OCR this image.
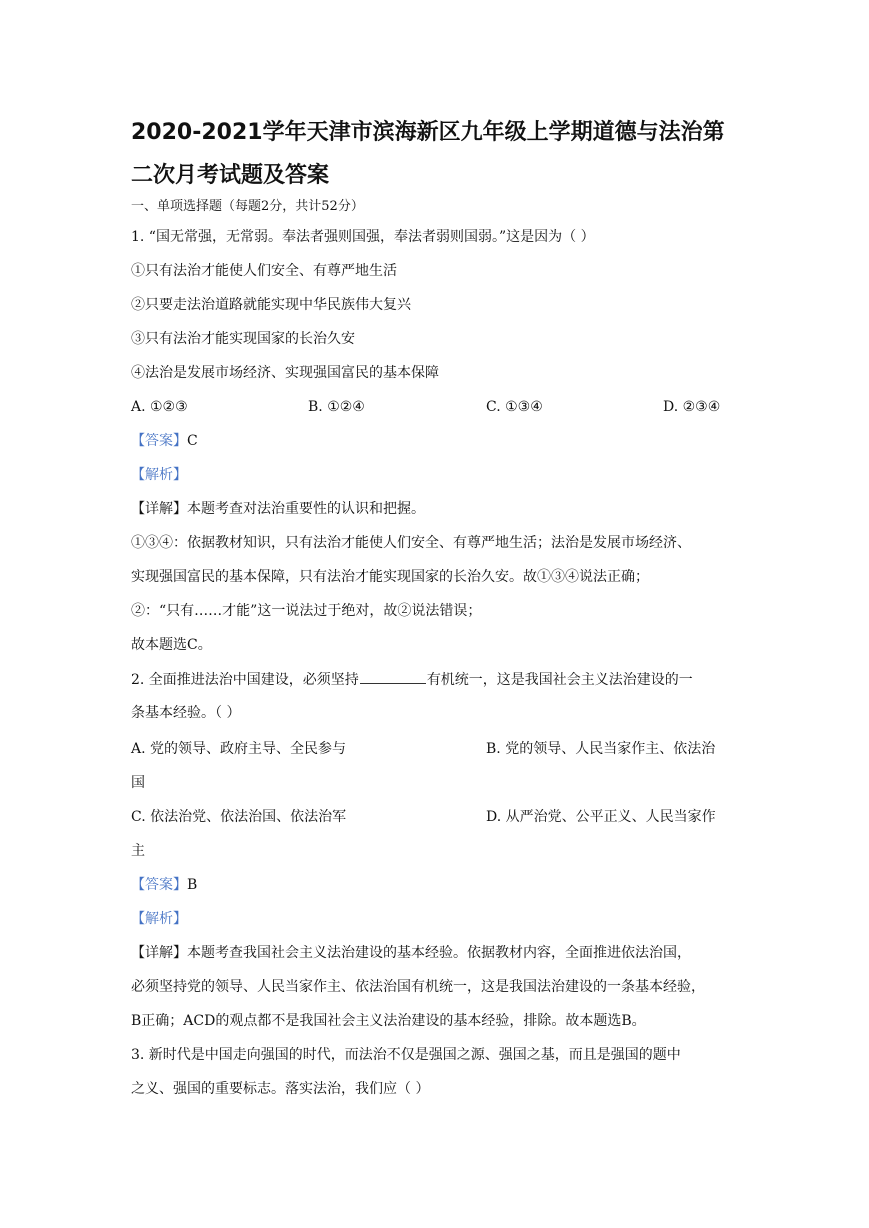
2020-2021学年天津市滨海新区九年级上学期道德与法治第
二次月考试题及答案
一、单项选择题（每题2分，共计52分）
1. “国无常强，无常弱。奉法者强则国强，奉法者弱则国弱。”这是因为（ ）
①只有法治才能使人们安全、有尊严地生活
②只要走法治道路就能实现中华民族伟大复兴
③只有法治才能实现国家的长治久安
④法治是发展市场经济、实现强国富民的基本保障
A. ①②③	B. ①②④	C. ①③④	D. ②③④
【答案】C
【解析】
【详解】本题考查对法治重要性的认识和把握。
①③④：依据教材知识，只有法治才能使人们安全、有尊严地生活；法治是发展市场经济、
实现强国富民的基本保障，只有法治才能实现国家的长治久安。故①③④说法正确；
②：“只有……才能”这一说法过于绝对，故②说法错误；
故本题选C。
2. 全面推进法治中国建设，必须坚持	有机统一，这是我国社会主义法治建设的一
条基本经验。（ ）
A. 党的领导、政府主导、全民参与	B. 党的领导、人民当家作主、依法治
国
C. 依法治党、依法治国、依法治军	D. 从严治党、公平正义、人民当家作
主
【答案】B
【解析】
【详解】本题考查我国社会主义法治建设的基本经验。依据教材内容，全面推进依法治国，
必须坚持党的领导、人民当家作主、依法治国有机统一，这是我国法治建设的一条基本经验，
B正确；ACD的观点都不是我国社会主义法治建设的基本经验，排除。故本题选B。
3. 新时代是中国走向强国的时代，而法治不仅是强国之源、强国之基，而且是强国的题中
之义、强国的重要标志。落实法治，我们应（ ）
